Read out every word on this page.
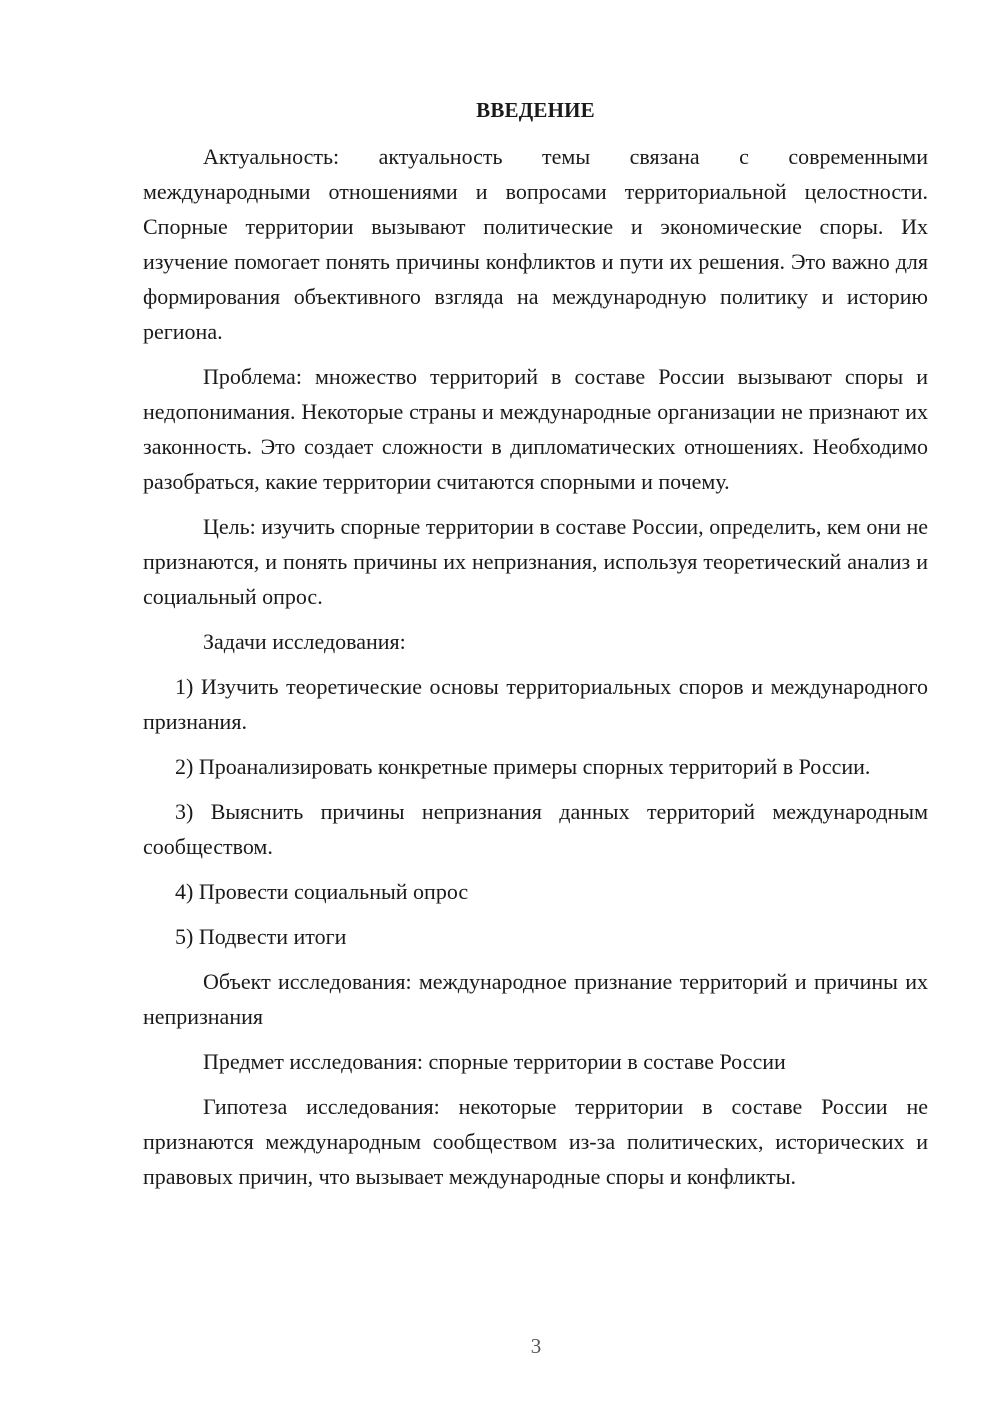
ВВЕДЕНИЕ

Актуальность: актуальность темы связана с современными международными отношениями и вопросами территориальной целостности. Спорные территории вызывают политические и экономические споры. Их изучение помогает понять причины конфликтов и пути их решения. Это важно для формирования объективного взгляда на международную политику и историю региона.

Проблема: множество территорий в составе России вызывают споры и недопонимания. Некоторые страны и международные организации не признают их законность. Это создает сложности в дипломатических отношениях. Необходимо разобраться, какие территории считаются спорными и почему.

Цель: изучить спорные территории в составе России, определить, кем они не признаются, и понять причины их непризнания, используя теоретический анализ и социальный опрос.

Задачи исследования:

1) Изучить теоретические основы территориальных споров и международного признания.

2) Проанализировать конкретные примеры спорных территорий в России.

3) Выяснить причины непризнания данных территорий международным сообществом.

4) Провести социальный опрос

5) Подвести итоги

Объект исследования: международное признание территорий и причины их непризнания

Предмет исследования: спорные территории в составе России

Гипотеза исследования: некоторые территории в составе России не признаются международным сообществом из-за политических, исторических и правовых причин, что вызывает международные споры и конфликты.

3
